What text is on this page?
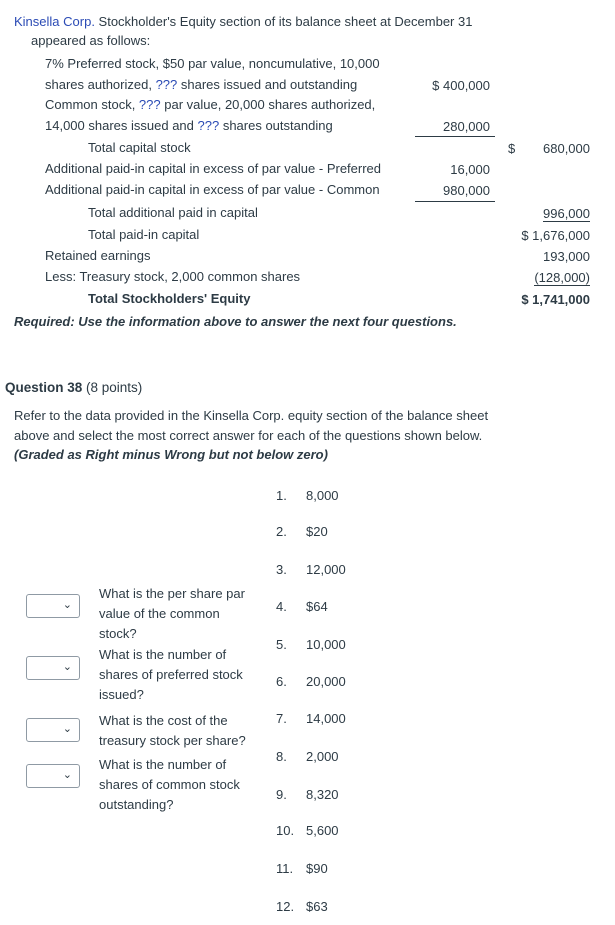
Kinsella Corp. Stockholder's Equity section of its balance sheet at December 31
appeared as follows:
7% Preferred stock, $50 par value, noncumulative, 10,000
shares authorized, ??? shares issued and outstanding	$ 400,000
Common stock, ??? par value, 20,000 shares authorized,
14,000 shares issued and ??? shares outstanding	280,000
Total capital stock	$	680,000
Additional paid-in capital in excess of par value - Preferred	16,000
Additional paid-in capital in excess of par value - Common	980,000
Total additional paid in capital	996,000
Total paid-in capital	$ 1,676,000
Retained earnings	193,000
Less: Treasury stock, 2,000 common shares	(128,000)
Total Stockholders' Equity	$ 1,741,000
Required: Use the information above to answer the next four questions.
Question 38 (8 points)
Refer to the data provided in the Kinsella Corp. equity section of the balance sheet
above and select the most correct answer for each of the questions shown below.
(Graded as Right minus Wrong but not below zero)
⌄
⌄
⌄
⌄
What is the per share par value of the common stock?
What is the number of shares of preferred stock issued?
What is the cost of the treasury stock per share?
What is the number of shares of common stock outstanding?
1. 8,000
2. $20
3. 12,000
4. $64
5. 10,000
6. 20,000
7. 14,000
8. 2,000
9. 8,320
10. 5,600
11. $90
12. $63
